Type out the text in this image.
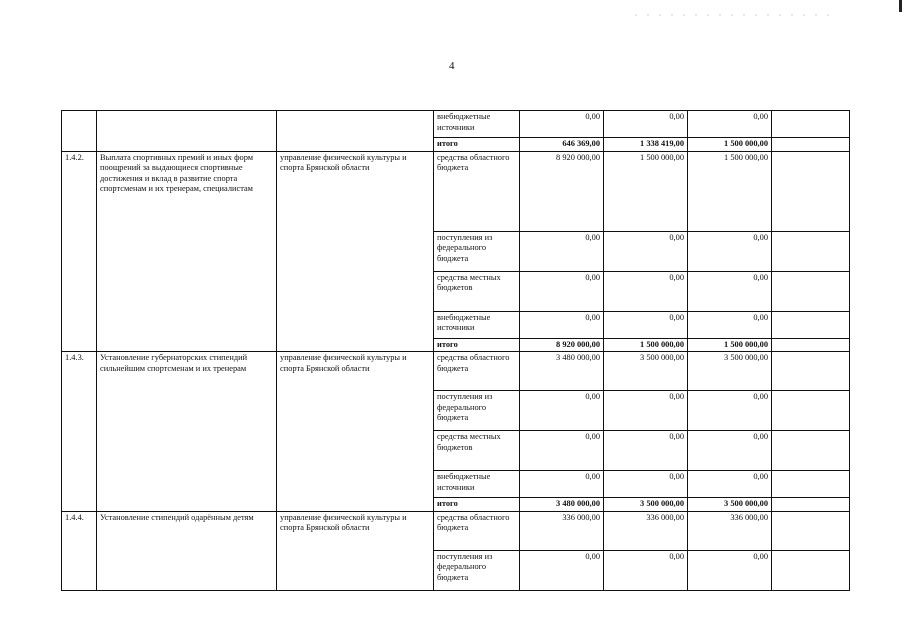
4
			внебюджетные источники	0,00	0,00	0,00	
			итого	646 369,00	1 338 419,00	1 500 000,00	
1.4.2.	Выплата спортивных премий и иных форм поощрений за выдающиеся спортивные достижения и вклад в развитие спорта спортсменам и их тренерам, специалистам	управление физической культуры и спорта Брянской области	средства областного бюджета	8 920 000,00	1 500 000,00	1 500 000,00	
			поступления из федерального бюджета	0,00	0,00	0,00	
			средства местных бюджетов	0,00	0,00	0,00	
			внебюджетные источники	0,00	0,00	0,00	
			итого	8 920 000,00	1 500 000,00	1 500 000,00	
1.4.3.	Установление губернаторских стипендий сильнейшим спортсменам и их тренерам	управление физической культуры и спорта Брянской области	средства областного бюджета	3 480 000,00	3 500 000,00	3 500 000,00	
			поступления из федерального бюджета	0,00	0,00	0,00	
			средства местных бюджетов	0,00	0,00	0,00	
			внебюджетные источники	0,00	0,00	0,00	
			итого	3 480 000,00	3 500 000,00	3 500 000,00	
1.4.4.	Установление стипендий одарённым детям	управление физической культуры и спорта Брянской области	средства областного бюджета	336 000,00	336 000,00	336 000,00	
			поступления из федерального бюджета	0,00	0,00	0,00	
